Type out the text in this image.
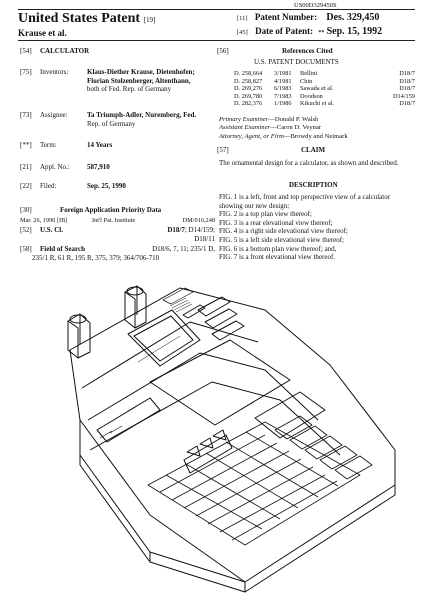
US00D329450S
United States Patent [19]
Krause et al.
[11] Patent Number: Des. 329,450
[45] Date of Patent: ** Sep. 15, 1992
[54] CALCULATOR
[75] Inventors:	Klaus-Diether Krause, Dietenhofen;
Florian Stolzenberger, Altenthann,
both of Fed. Rep. of Germany
[73] Assignee:	Ta Triumph-Adler, Nuremberg, Fed.
Rep. of Germany
[**] Term:	14 Years
[21] Appl. No.: 587,910
[22] Filed:	Sep. 25, 1990
[30]	Foreign Application Priority Data
Mar. 26, 1990 [IB]	Int'l Pat. Institute	DM/016,248
[52] U.S. Cl.	D18/7; D14/159;
D18/11
[58] Field of Search	D18/6, 7, 11; 235/1 D,
235/1 R, 61 R, 195 R, 375, 379; 364/706-710
[56]	References Cited
U.S. PATENT DOCUMENTS
D. 258,664 3/1981 Bellini	D18/7
D. 258,827 4/1981 Chin	D18/7
D. 269,276 6/1983 Sawada et al.	D18/7
D. 269,780 7/1983 Doodson	D14/159
D. 282,376 1/1986 Kikuchi et al.	D18/7
Primary Examiner—Donald P. Walsh
Assistant Examiner—Caron D. Veynar
Attorney, Agent, or Firm—Browdy and Neimark
[57]	CLAIM
The ornamental design for a calculator, as shown and described.
DESCRIPTION
FIG. 1 is a left, front and top perspective view of a calculator showing our new design;
FIG. 2 is a top plan view thereof;
FIG. 3 is a rear elevational view thereof;
FIG. 4 is a right side elevational view thereof;
FIG. 5 is a left side elevational view thereof;
FIG. 6 is a bottom plan view thereof; and,
FIG. 7 is a front elevational view thereof.
